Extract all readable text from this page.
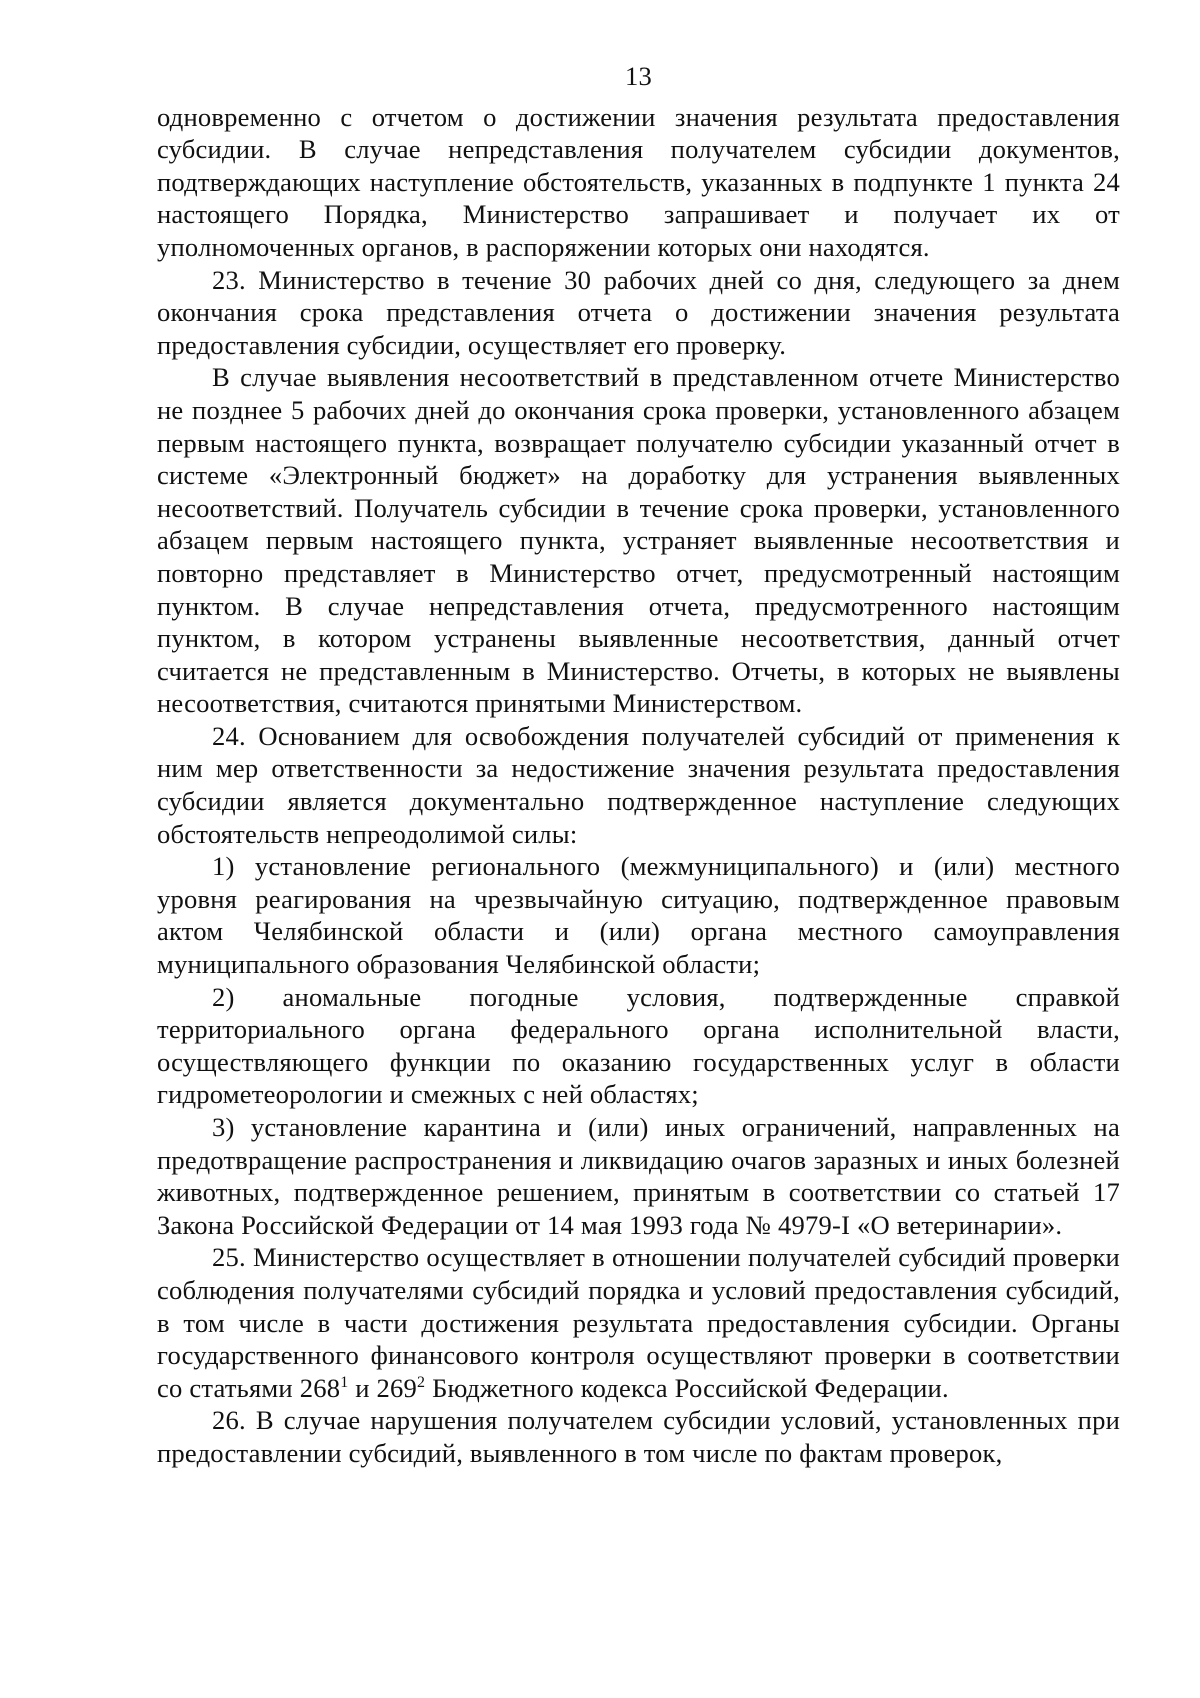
13

одновременно с отчетом о достижении значения результата предоставления субсидии. В случае непредставления получателем субсидии документов, подтверждающих наступление обстоятельств, указанных в подпункте 1 пункта 24 настоящего Порядка, Министерство запрашивает и получает их от уполномоченных органов, в распоряжении которых они находятся.

23. Министерство в течение 30 рабочих дней со дня, следующего за днем окончания срока представления отчета о достижении значения результата предоставления субсидии, осуществляет его проверку.

В случае выявления несоответствий в представленном отчете Министерство не позднее 5 рабочих дней до окончания срока проверки, установленного абзацем первым настоящего пункта, возвращает получателю субсидии указанный отчет в системе «Электронный бюджет» на доработку для устранения выявленных несоответствий. Получатель субсидии в течение срока проверки, установленного абзацем первым настоящего пункта, устраняет выявленные несоответствия и повторно представляет в Министерство отчет, предусмотренный настоящим пунктом. В случае непредставления отчета, предусмотренного настоящим пунктом, в котором устранены выявленные несоответствия, данный отчет считается не представленным в Министерство. Отчеты, в которых не выявлены несоответствия, считаются принятыми Министерством.

24. Основанием для освобождения получателей субсидий от применения к ним мер ответственности за недостижение значения результата предоставления субсидии является документально подтвержденное наступление следующих обстоятельств непреодолимой силы:

1) установление регионального (межмуниципального) и (или) местного уровня реагирования на чрезвычайную ситуацию, подтвержденное правовым актом Челябинской области и (или) органа местного самоуправления муниципального образования Челябинской области;

2) аномальные погодные условия, подтвержденные справкой территориального органа федерального органа исполнительной власти, осуществляющего функции по оказанию государственных услуг в области гидрометеорологии и смежных с ней областях;

3) установление карантина и (или) иных ограничений, направленных на предотвращение распространения и ликвидацию очагов заразных и иных болезней животных, подтвержденное решением, принятым в соответствии со статьей 17 Закона Российской Федерации от 14 мая 1993 года № 4979-I «О ветеринарии».

25. Министерство осуществляет в отношении получателей субсидий проверки соблюдения получателями субсидий порядка и условий предоставления субсидий, в том числе в части достижения результата предоставления субсидии. Органы государственного финансового контроля осуществляют проверки в соответствии со статьями $268^1$ и $269^2$ Бюджетного кодекса Российской Федерации.

26. В случае нарушения получателем субсидии условий, установленных при предоставлении субсидий, выявленного в том числе по фактам проверок,
